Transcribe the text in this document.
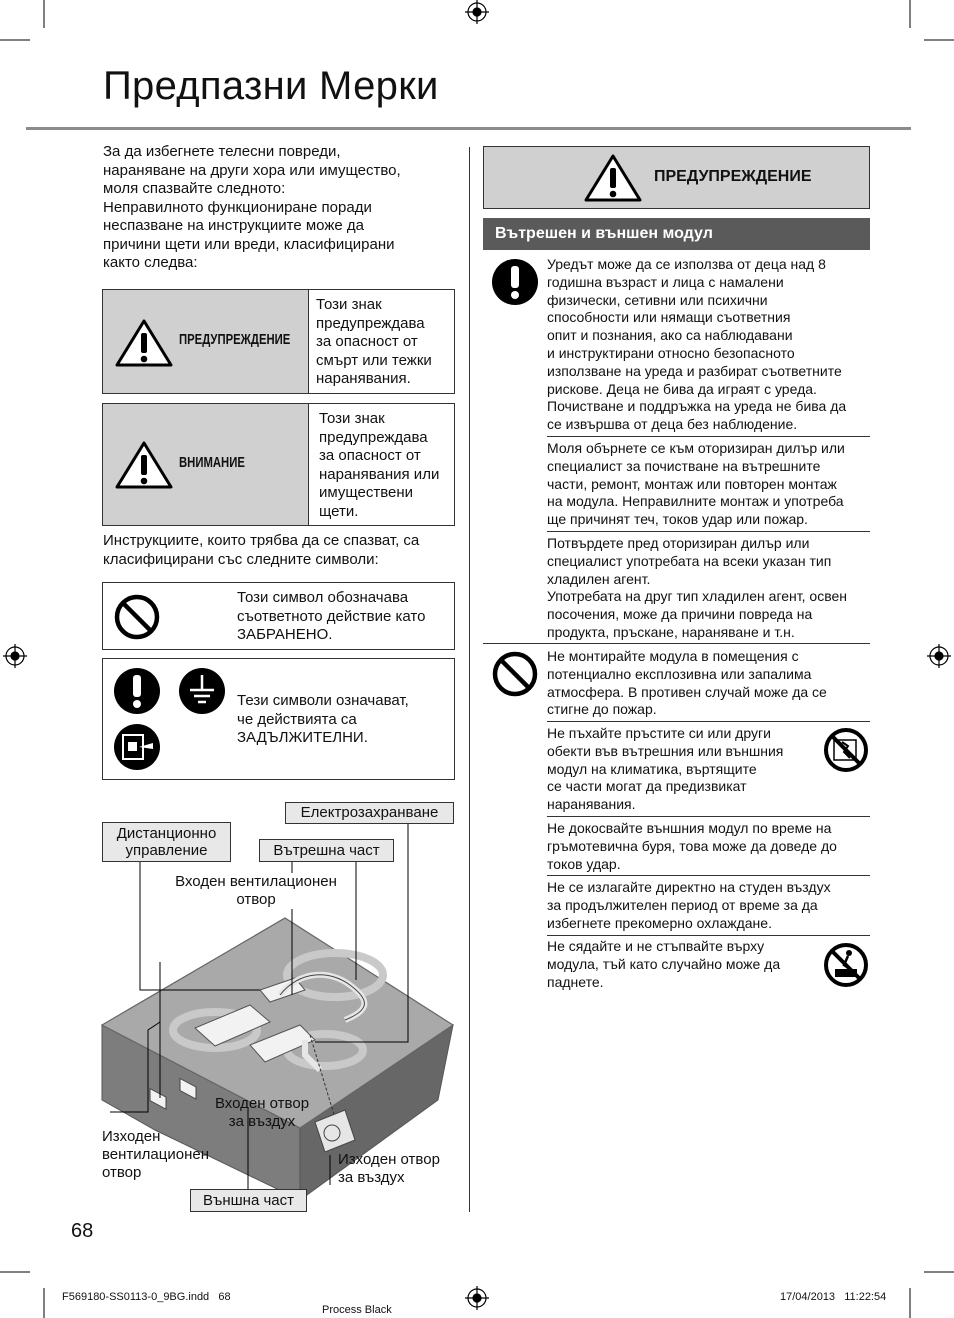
Предпазни Мерки
За да избегнете телесни повреди,
нараняване на други хора или имущество,
моля спазвайте следното:
Неправилното функциониране поради
неспазване на инструкциите може да
причини щети или вреди, класифицирани
както следва:
ПРЕДУПРЕЖДЕНИЕ
Този знак
предупреждава
за опасност от
смърт или тежки
наранявания.
ВНИМАНИЕ
Този знак
предупреждава
за опасност от
наранявания или
имуществени
щети.
Инструкциите, които трябва да се спазват, са
класифицирани със следните символи:
Този символ обозначава
съответното действие като
ЗАБРАНЕНО.
Тези символи означават,
че действията са
ЗАДЪЛЖИТЕЛНИ.
Електрозахранване
Дистанционно
управление	Вътрешна част
Входен вентилационен
отвор
Входен отвор
за въздух
Изходен
вентилационен
отвор
Изходен отвор
за въздух
Външна част
ПРЕДУПРЕЖДЕНИЕ
Вътрешен и външен модул
Уредът може да се използва от деца над 8
годишна възраст и лица с намалени
физически, сетивни или психични
способности или нямащи съответния
опит и познания, ако са наблюдавани
и инструктирани относно безопасното
използване на уреда и разбират съответните
рисковe. Деца не бива да играят с уреда.
Почистване и поддръжка на уреда не бива да
се извършва от деца без наблюдение.
Моля обърнете се към оторизиран дилър или
специалист за почистване на вътрешните
части, ремонт, монтаж или повторен монтаж
на модула. Неправилните монтаж и употреба
ще причинят теч, токов удар или пожар.
Потвърдете пред оторизиран дилър или
специалист употребата на всеки указан тип
хладилен агент.
Употребата на друг тип хладилен агент, освен
посочения, може да причини повреда на
продукта, пръскане, нараняване и т.н.
Не монтирайте модула в помещения с
потенциално експлозивна или запалима
атмосфера. В противен случай може да се
стигне до пожар.
Не пъхайте пръстите си или други
обекти във вътрешния или външния
модул на климатика, въртящите
се части могат да предизвикат
наранявания.
Не докосвайте външния модул по време на
гръмотевична буря, това може да доведе до
токов удар.
Не се излагайте директно на студен въздух
за продължителен период от време за да
избегнете прекомерно охлаждане.
Не сядайте и не стъпвайте върху
модула, тъй като случайно може да
паднете.
68
F569180-SS0113-0_9BG.indd   68
Process Black
17/04/2013   11:22:54
